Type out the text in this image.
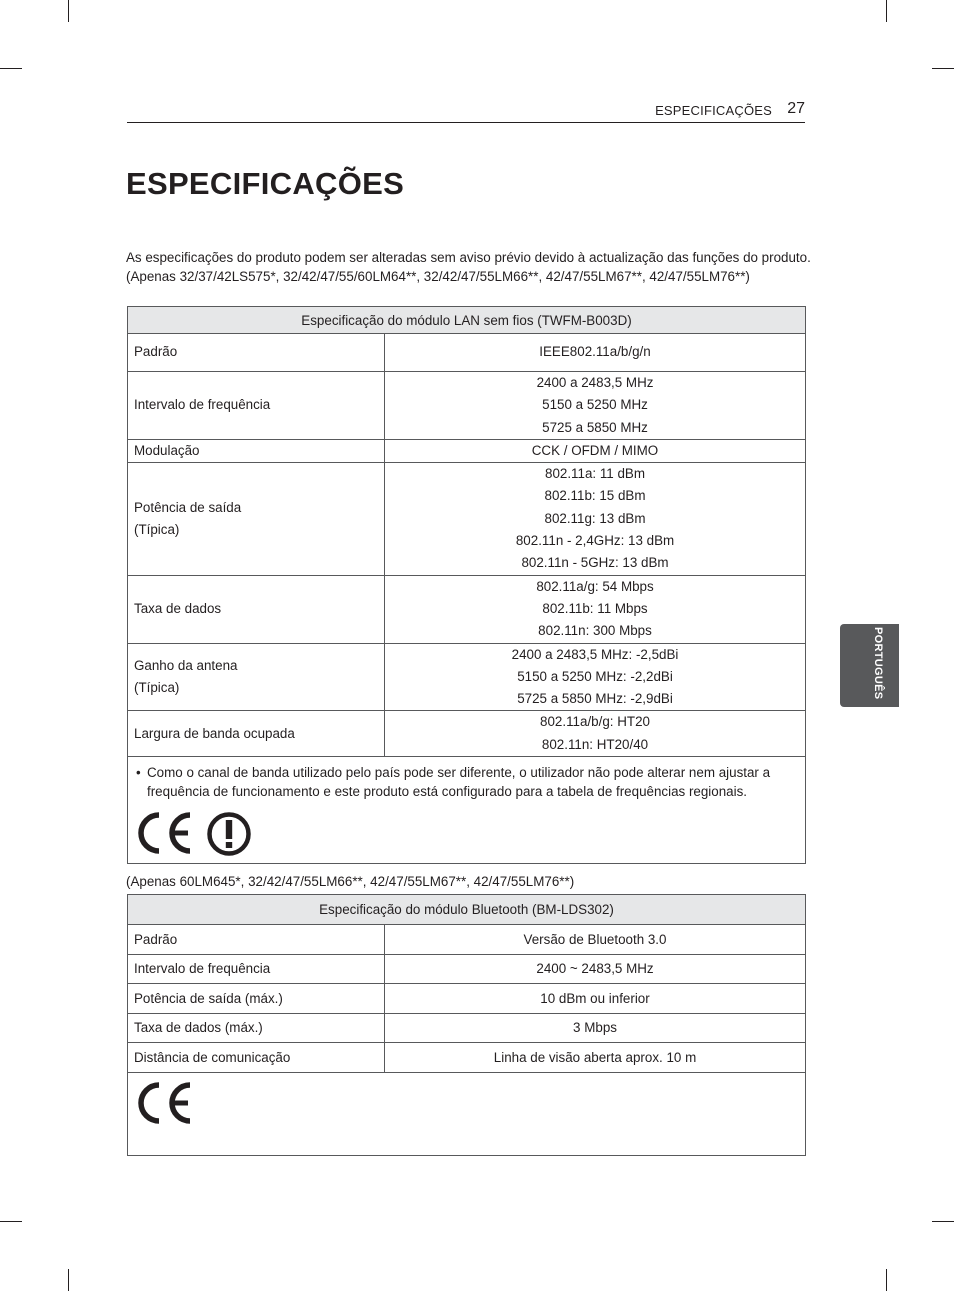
ESPECIFICAÇÕES 27
ESPECIFICAÇÕES

As especificações do produto podem ser alteradas sem aviso prévio devido à actualização das funções do produto.

(Apenas 32/37/42LS575*, 32/42/47/55/60LM64**, 32/42/47/55LM66**, 42/47/55LM67**, 42/47/55LM76**)

PORTUGUÊS
Especificação do módulo LAN sem fios (TWFM-B003D)	

Padrão	IEEE802.11a/b/g/n

Intervalo de frequência	2400 a 2483,5 MHz
5150 a 5250 MHz
5725 a 5850 MHz

Modulação	CCK / OFDM / MIMO

Potência de saída
(Típica)	802.11a: 11 dBm
802.11b: 15 dBm
802.11g: 13 dBm
802.11n - 2,4GHz: 13 dBm
802.11n - 5GHz: 13 dBm

Taxa de dados	802.11a/g: 54 Mbps
802.11b: 11 Mbps
802.11n: 300 Mbps

Ganho da antena
(Típica)	2400 a 2483,5 MHz: -2,5dBi
5150 a 5250 MHz: -2,2dBi
5725 a 5850 MHz: -2,9dBi

Largura de banda ocupada	802.11a/b/g: HT20
802.11n: HT20/40

• Como o canal de banda utilizado pelo país pode ser diferente, o utilizador não pode alterar nem ajustar a frequência de funcionamento e este produto está configurado para a tabela de frequências regionais.	

(Apenas 60LM645*, 32/42/47/55LM66**, 42/47/55LM67**, 42/47/55LM76**)
Especificação do módulo Bluetooth (BM-LDS302)	
Padrão	Versão de Bluetooth 3.0
Intervalo de frequência	2400 ~ 2483,5 MHz
Potência de saída (máx.)	10 dBm ou inferior
Taxa de dados (máx.)	3 Mbps
Distância de comunicação	Linha de visão aberta aprox. 10 m
